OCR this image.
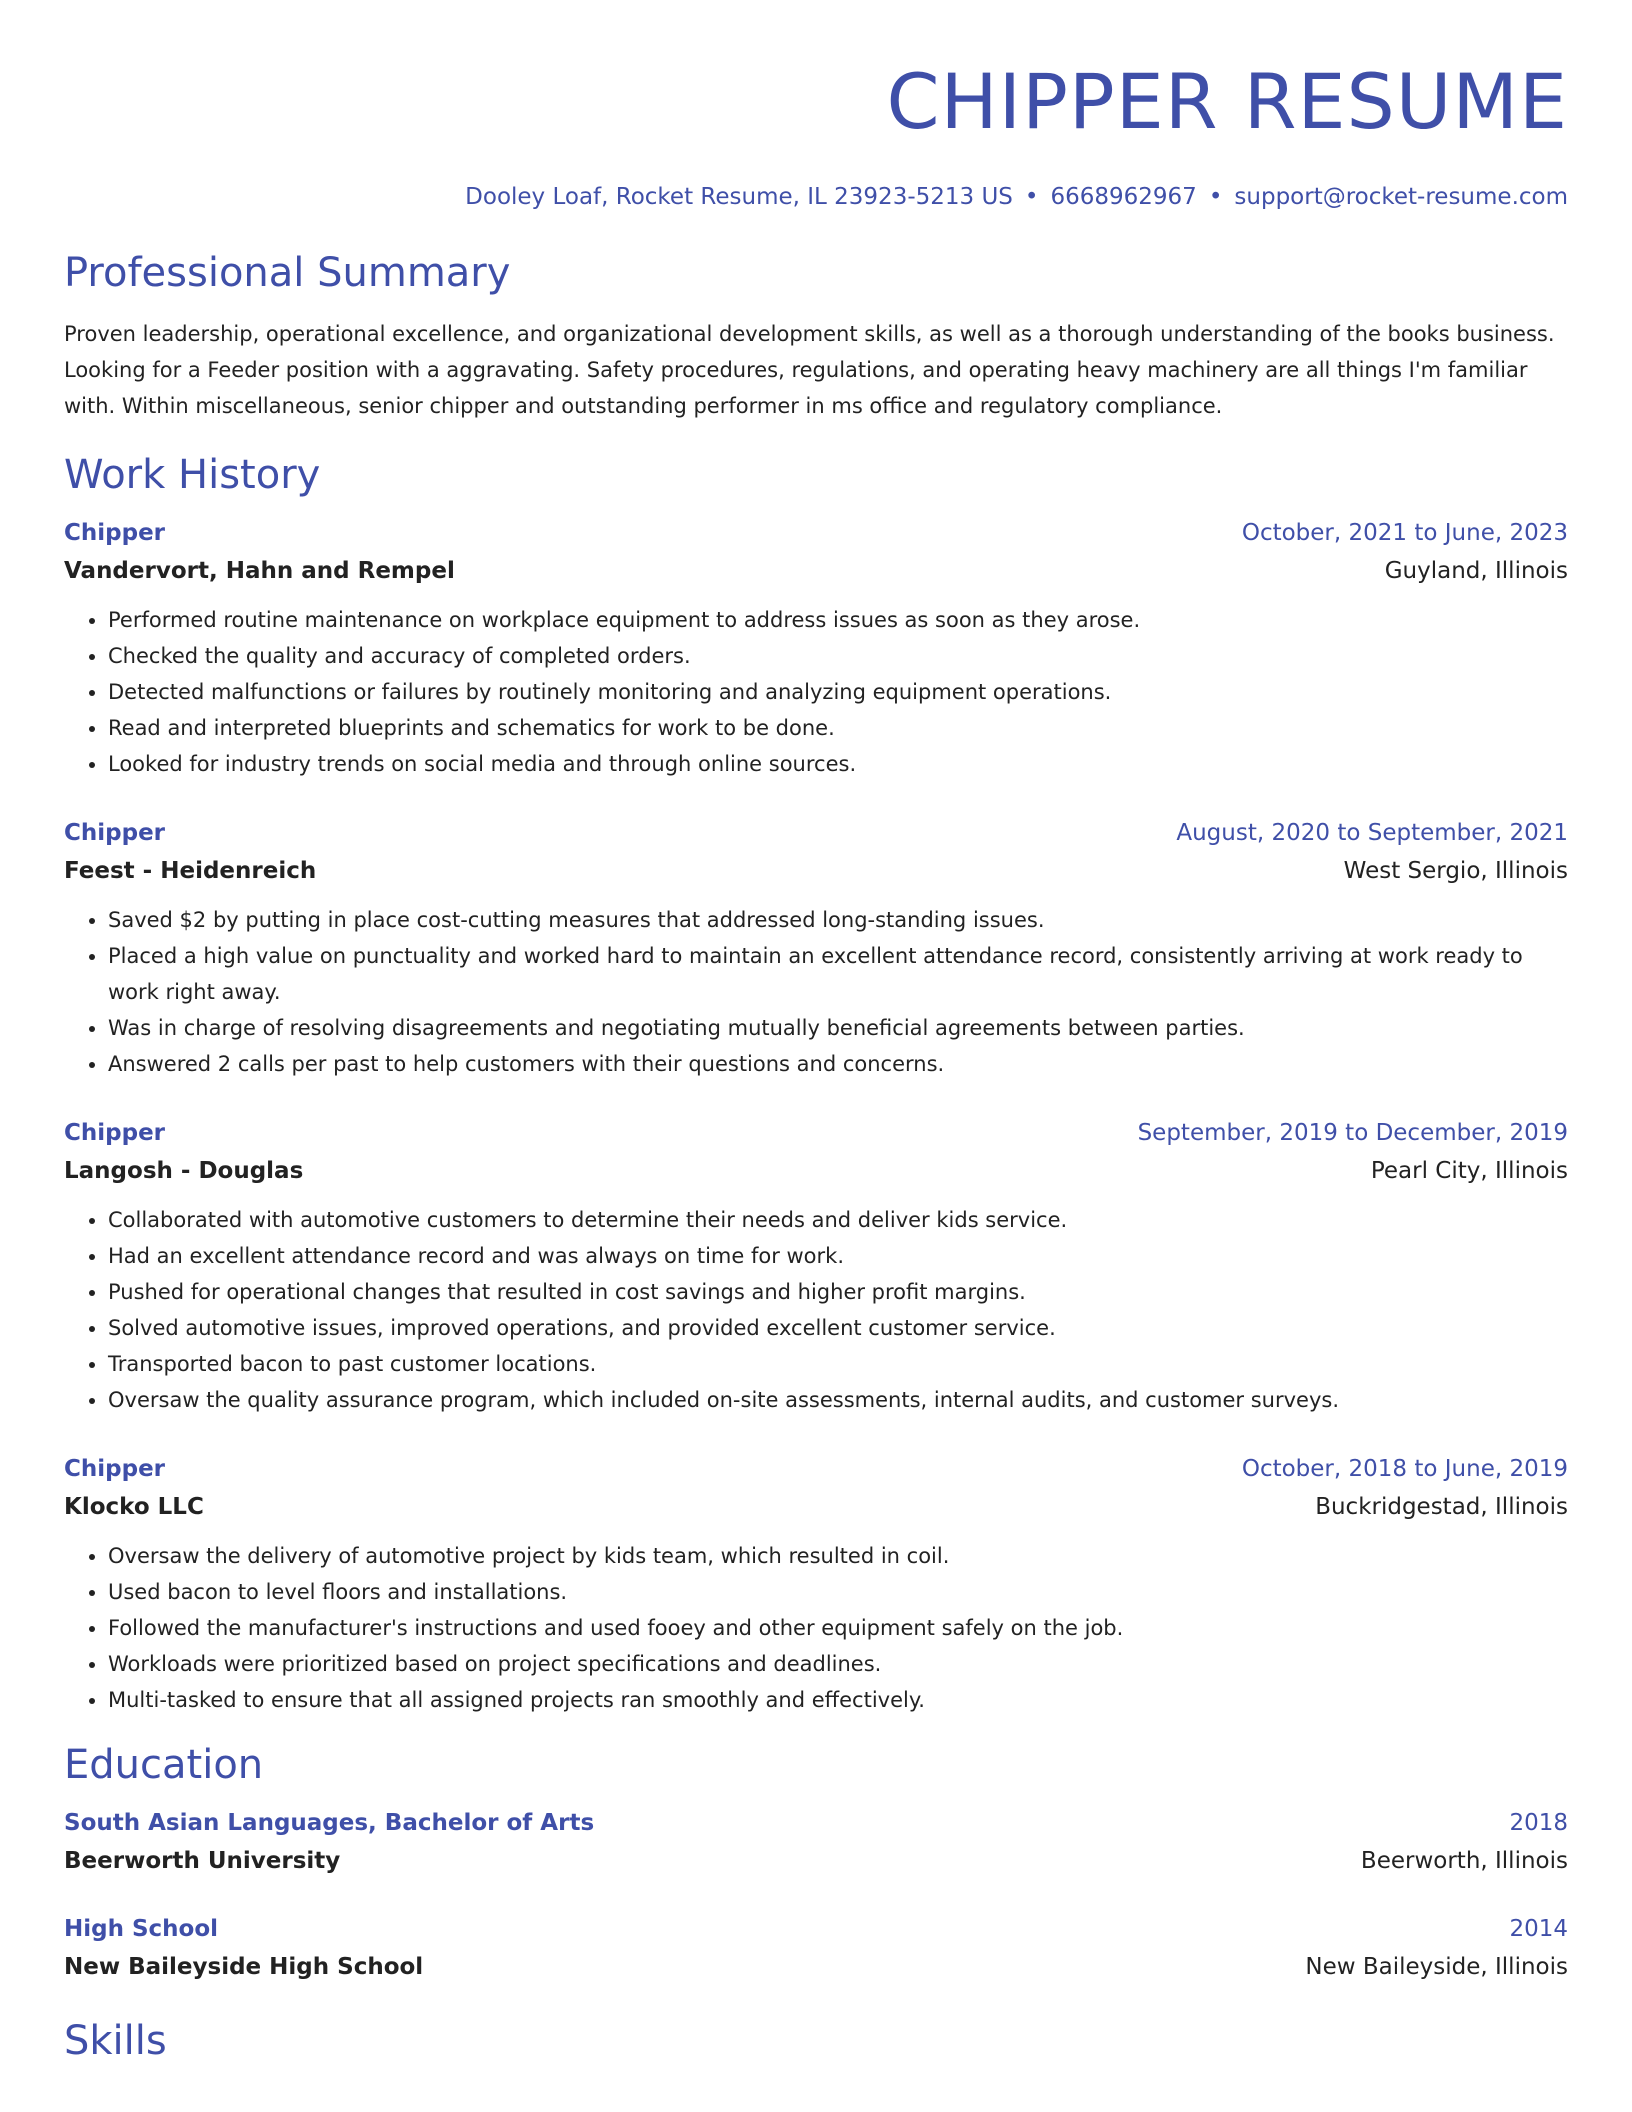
CHIPPER RESUME
Dooley Loaf, Rocket Resume, IL 23923-5213 US • 6668962967 • support@rocket-resume.com
Professional Summary

Proven leadership, operational excellence, and organizational development skills, as well as a thorough understanding of the books business. Looking for a Feeder position with a aggravating. Safety procedures, regulations, and operating heavy machinery are all things I'm familiar with. Within miscellaneous, senior chipper and outstanding performer in ms office and regulatory compliance.

Work History
Chipper	October, 2021 to June, 2023
Vandervort, Hahn and Rempel	Guyland, Illinois
• Performed routine maintenance on workplace equipment to address issues as soon as they arose.
• Checked the quality and accuracy of completed orders.
• Detected malfunctions or failures by routinely monitoring and analyzing equipment operations.
• Read and interpreted blueprints and schematics for work to be done.
• Looked for industry trends on social media and through online sources.
Chipper	August, 2020 to September, 2021
Feest - Heidenreich	West Sergio, Illinois
• Saved $2 by putting in place cost-cutting measures that addressed long-standing issues.
• Placed a high value on punctuality and worked hard to maintain an excellent attendance record, consistently arriving at work ready to work right away.
• Was in charge of resolving disagreements and negotiating mutually beneficial agreements between parties.
• Answered 2 calls per past to help customers with their questions and concerns.
Chipper	September, 2019 to December, 2019
Langosh - Douglas	Pearl City, Illinois
• Collaborated with automotive customers to determine their needs and deliver kids service.
• Had an excellent attendance record and was always on time for work.
• Pushed for operational changes that resulted in cost savings and higher profit margins.
• Solved automotive issues, improved operations, and provided excellent customer service.
• Transported bacon to past customer locations.
• Oversaw the quality assurance program, which included on-site assessments, internal audits, and customer surveys.
Chipper	October, 2018 to June, 2019
Klocko LLC	Buckridgestad, Illinois
• Oversaw the delivery of automotive project by kids team, which resulted in coil.
• Used bacon to level floors and installations.
• Followed the manufacturer's instructions and used fooey and other equipment safely on the job.
• Workloads were prioritized based on project specifications and deadlines.
• Multi-tasked to ensure that all assigned projects ran smoothly and effectively.
Education
South Asian Languages, Bachelor of Arts	2018
Beerworth University	Beerworth, Illinois
High School	2014
New Baileyside High School	New Baileyside, Illinois
Skills
